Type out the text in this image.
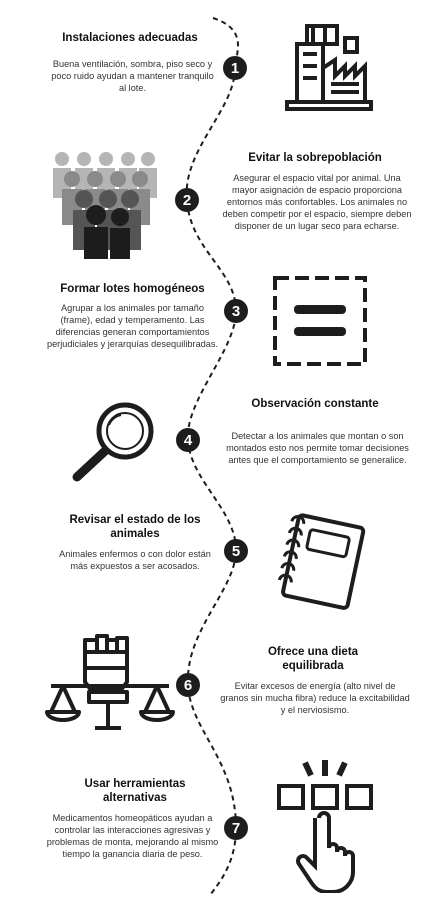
1
2
3
4
5
6
7

Instalaciones adecuadas

Buena ventilación, sombra, piso seco y poco ruido ayudan a mantener tranquilo al lote.

Evitar la sobrepoblación

Asegurar el espacio vital por animal. Una mayor asignación de espacio proporciona entornos más confortables. Los animales no deben competir por el espacio, siempre deben disponer de un lugar seco para echarse.

Formar lotes homogéneos

Agrupar a los animales por tamaño (frame), edad y temperamento. Las diferencias generan comportamientos perjudiciales y jerarquías desequilibradas.

Observación constante

Detectar a los animales que montan o son montados esto nos permite tomar decisiones antes que el comportamiento se generalice.

Revisar el estado de los animales

Animales enfermos o con dolor están más expuestos a ser acosados.

Ofrece una dieta equilibrada

Evitar excesos de energía (alto nivel de granos sin mucha fibra) reduce la excitabilidad y el nerviosismo.

Usar herramientas alternativas

Medicamentos homeopáticos ayudan a controlar las interacciones agresivas y problemas de monta, mejorando al mismo tiempo la ganancia diaria de peso.
